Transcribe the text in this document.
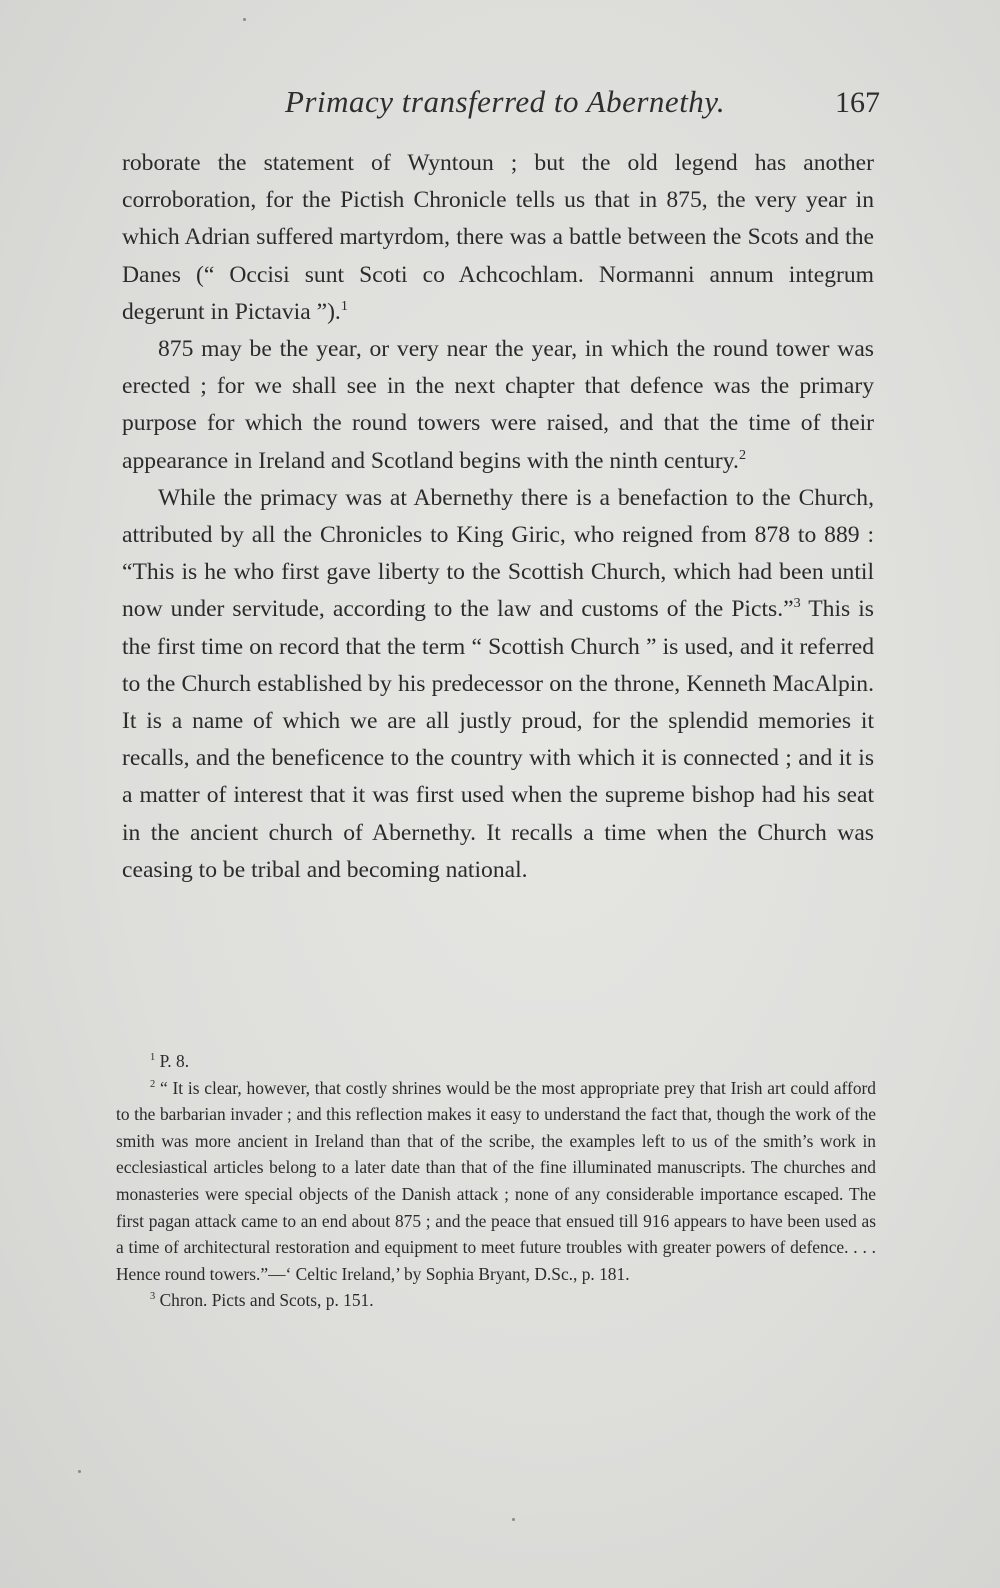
Primacy transferred to Abernethy.	167

roborate the statement of Wyntoun ; but the old legend has another corroboration, for the Pictish Chronicle tells us that in 875, the very year in which Adrian suffered martyrdom, there was a battle between the Scots and the Danes (“ Occisi sunt Scoti co Achcochlam. Normanni annum integrum degerunt in Pictavia ”).$^1$

875 may be the year, or very near the year, in which the round tower was erected ; for we shall see in the next chapter that defence was the primary purpose for which the round towers were raised, and that the time of their appearance in Ireland and Scotland begins with the ninth century.$^2$

While the primacy was at Abernethy there is a benefaction to the Church, attributed by all the Chronicles to King Giric, who reigned from 878 to 889 : “This is he who first gave liberty to the Scottish Church, which had been until now under servitude, according to the law and customs of the Picts.”$^3$ This is the first time on record that the term “ Scottish Church ” is used, and it referred to the Church established by his predecessor on the throne, Kenneth MacAlpin. It is a name of which we are all justly proud, for the splendid memories it recalls, and the beneficence to the country with which it is connected ; and it is a matter of interest that it was first used when the supreme bishop had his seat in the ancient church of Abernethy. It recalls a time when the Church was ceasing to be tribal and becoming national.

$^1$ P. 8.

$^2$ “ It is clear, however, that costly shrines would be the most appropriate prey that Irish art could afford to the barbarian invader ; and this reflection makes it easy to understand the fact that, though the work of the smith was more ancient in Ireland than that of the scribe, the examples left to us of the smith’s work in ecclesiastical articles belong to a later date than that of the fine illuminated manuscripts. The churches and monasteries were special objects of the Danish attack ; none of any considerable importance escaped. The first pagan attack came to an end about 875 ; and the peace that ensued till 916 appears to have been used as a time of architectural restoration and equipment to meet future troubles with greater powers of defence. . . . Hence round towers.”—‘ Celtic Ireland,’ by Sophia Bryant, D.Sc., p. 181.

$^3$ Chron. Picts and Scots, p. 151.
